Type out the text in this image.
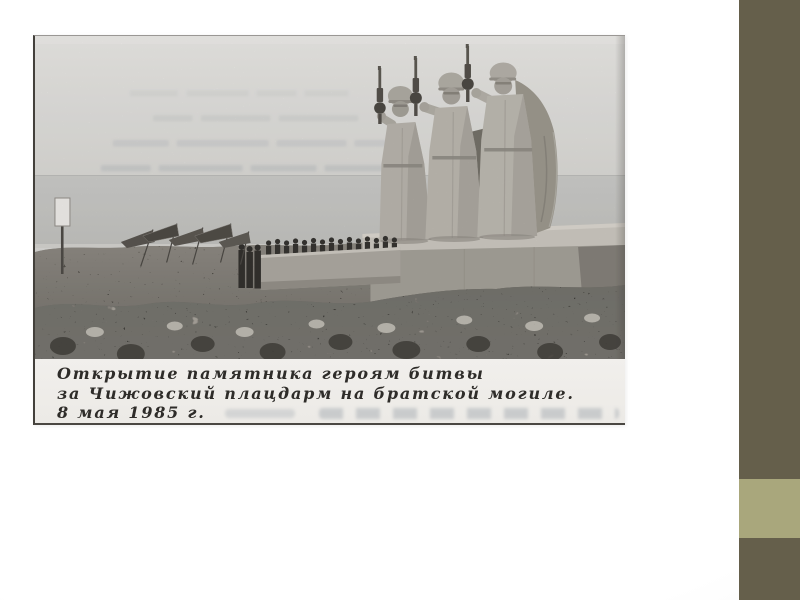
Открытие памятника героям битвы
за Чижовский плацдарм на братской могиле.
8 мая 1985 г.
